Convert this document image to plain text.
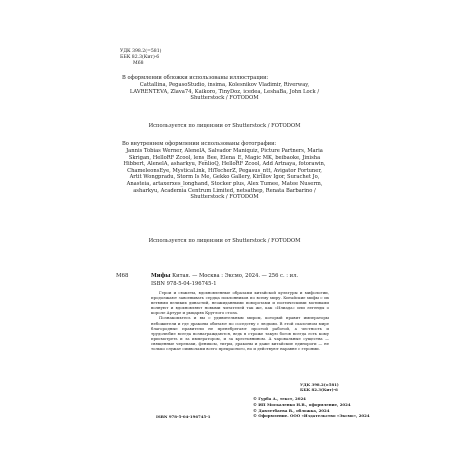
УДК 398.2(=581)
ББК 82.3(Кит)-6
М68

В оформлении обложки использованы иллюстрации:

Cattallina, PegasoStudio, insima, Kolesnikov Vladimir, Riverway, LAVRENTEVA, Zlava74, Kaikoro, TinyDoz, icedea, LeshaBa, John Lock / Shutterstock / FOTODOM

Используется по лицензии от Shutterstock / FOTODOM

Во внутреннем оформлении использованы фотографии:

Jannis Tobias Werner, AlenelA, Salvador Maniquiz, Picture Partners, Maria Skrigan, HelloRF Zcool, lens_Bee, Elena_E, Magic MK, beibaoke, Jinisha Hibbert, AlenelA, asharkyu, FenlioQ, HelloRF Zcool, Add Artnaya, fotorawin, ChameleonsEye, MysticaLink, HiTecherZ, Pegasus_ntt, Avigator Fortuner, Artit Wongpradu, Storm Is Me, Gekko Gallery, Kirillov Igor, Surachet Jo, Anasteia, artaxerxes_longhand, Stocker plus, Alex Tumee, Matee Nuserm, asharkyu, Academia Centrum Limited, netsathep, Renata Barbarino / Shutterstock / FOTODOM

Используется по лицензии от Shutterstock / FOTODOM

М68	Мифы Китая. — Москва : Эксмо, 2024. — 256 с. : ил.
ISBN 978-5-04-196745-1

Герои и сюжеты, вдохновленные образами китайской культуры и мифологии, продолжают завоевывать сердца поклонников по всему миру. Китайские мифы с их ветвями великих династий, неожиданными поворотами и поэтическими мотивами волнуют и вдохновляют новыми читателей так же, как «Илиада» или легенды о короле Артуре и рыцарях Круглого стола.

Познакомьтесь и вы с удивительным миром, который правит императоры небожители и где драконы обитают по соседству с людьми. В этой сказочном мире благородные правители не пренебрегают простой работой, а честность и трудолюбие всегда вознаграждаются, ведь в строже такую богов всегда есть кому присмотреть и за императором, и за крестьянином. А чаровальные существа — священные черепахи, фениксы, тигры, драконы и даже китайские единороги — не только служат символами всего прекрасного, но и действуют наравне с героями.

УДК 398.2(=581)
ББК 82.3(Кит)-6
ISBN 978-5-04-196745-1
© Гурба А., текст, 2024
© ИП Москаленко Н.В., оформление, 2024
© Давлетбаева В., обложка, 2024
© Оформление. ООО «Издательство «Эксмо», 2024
